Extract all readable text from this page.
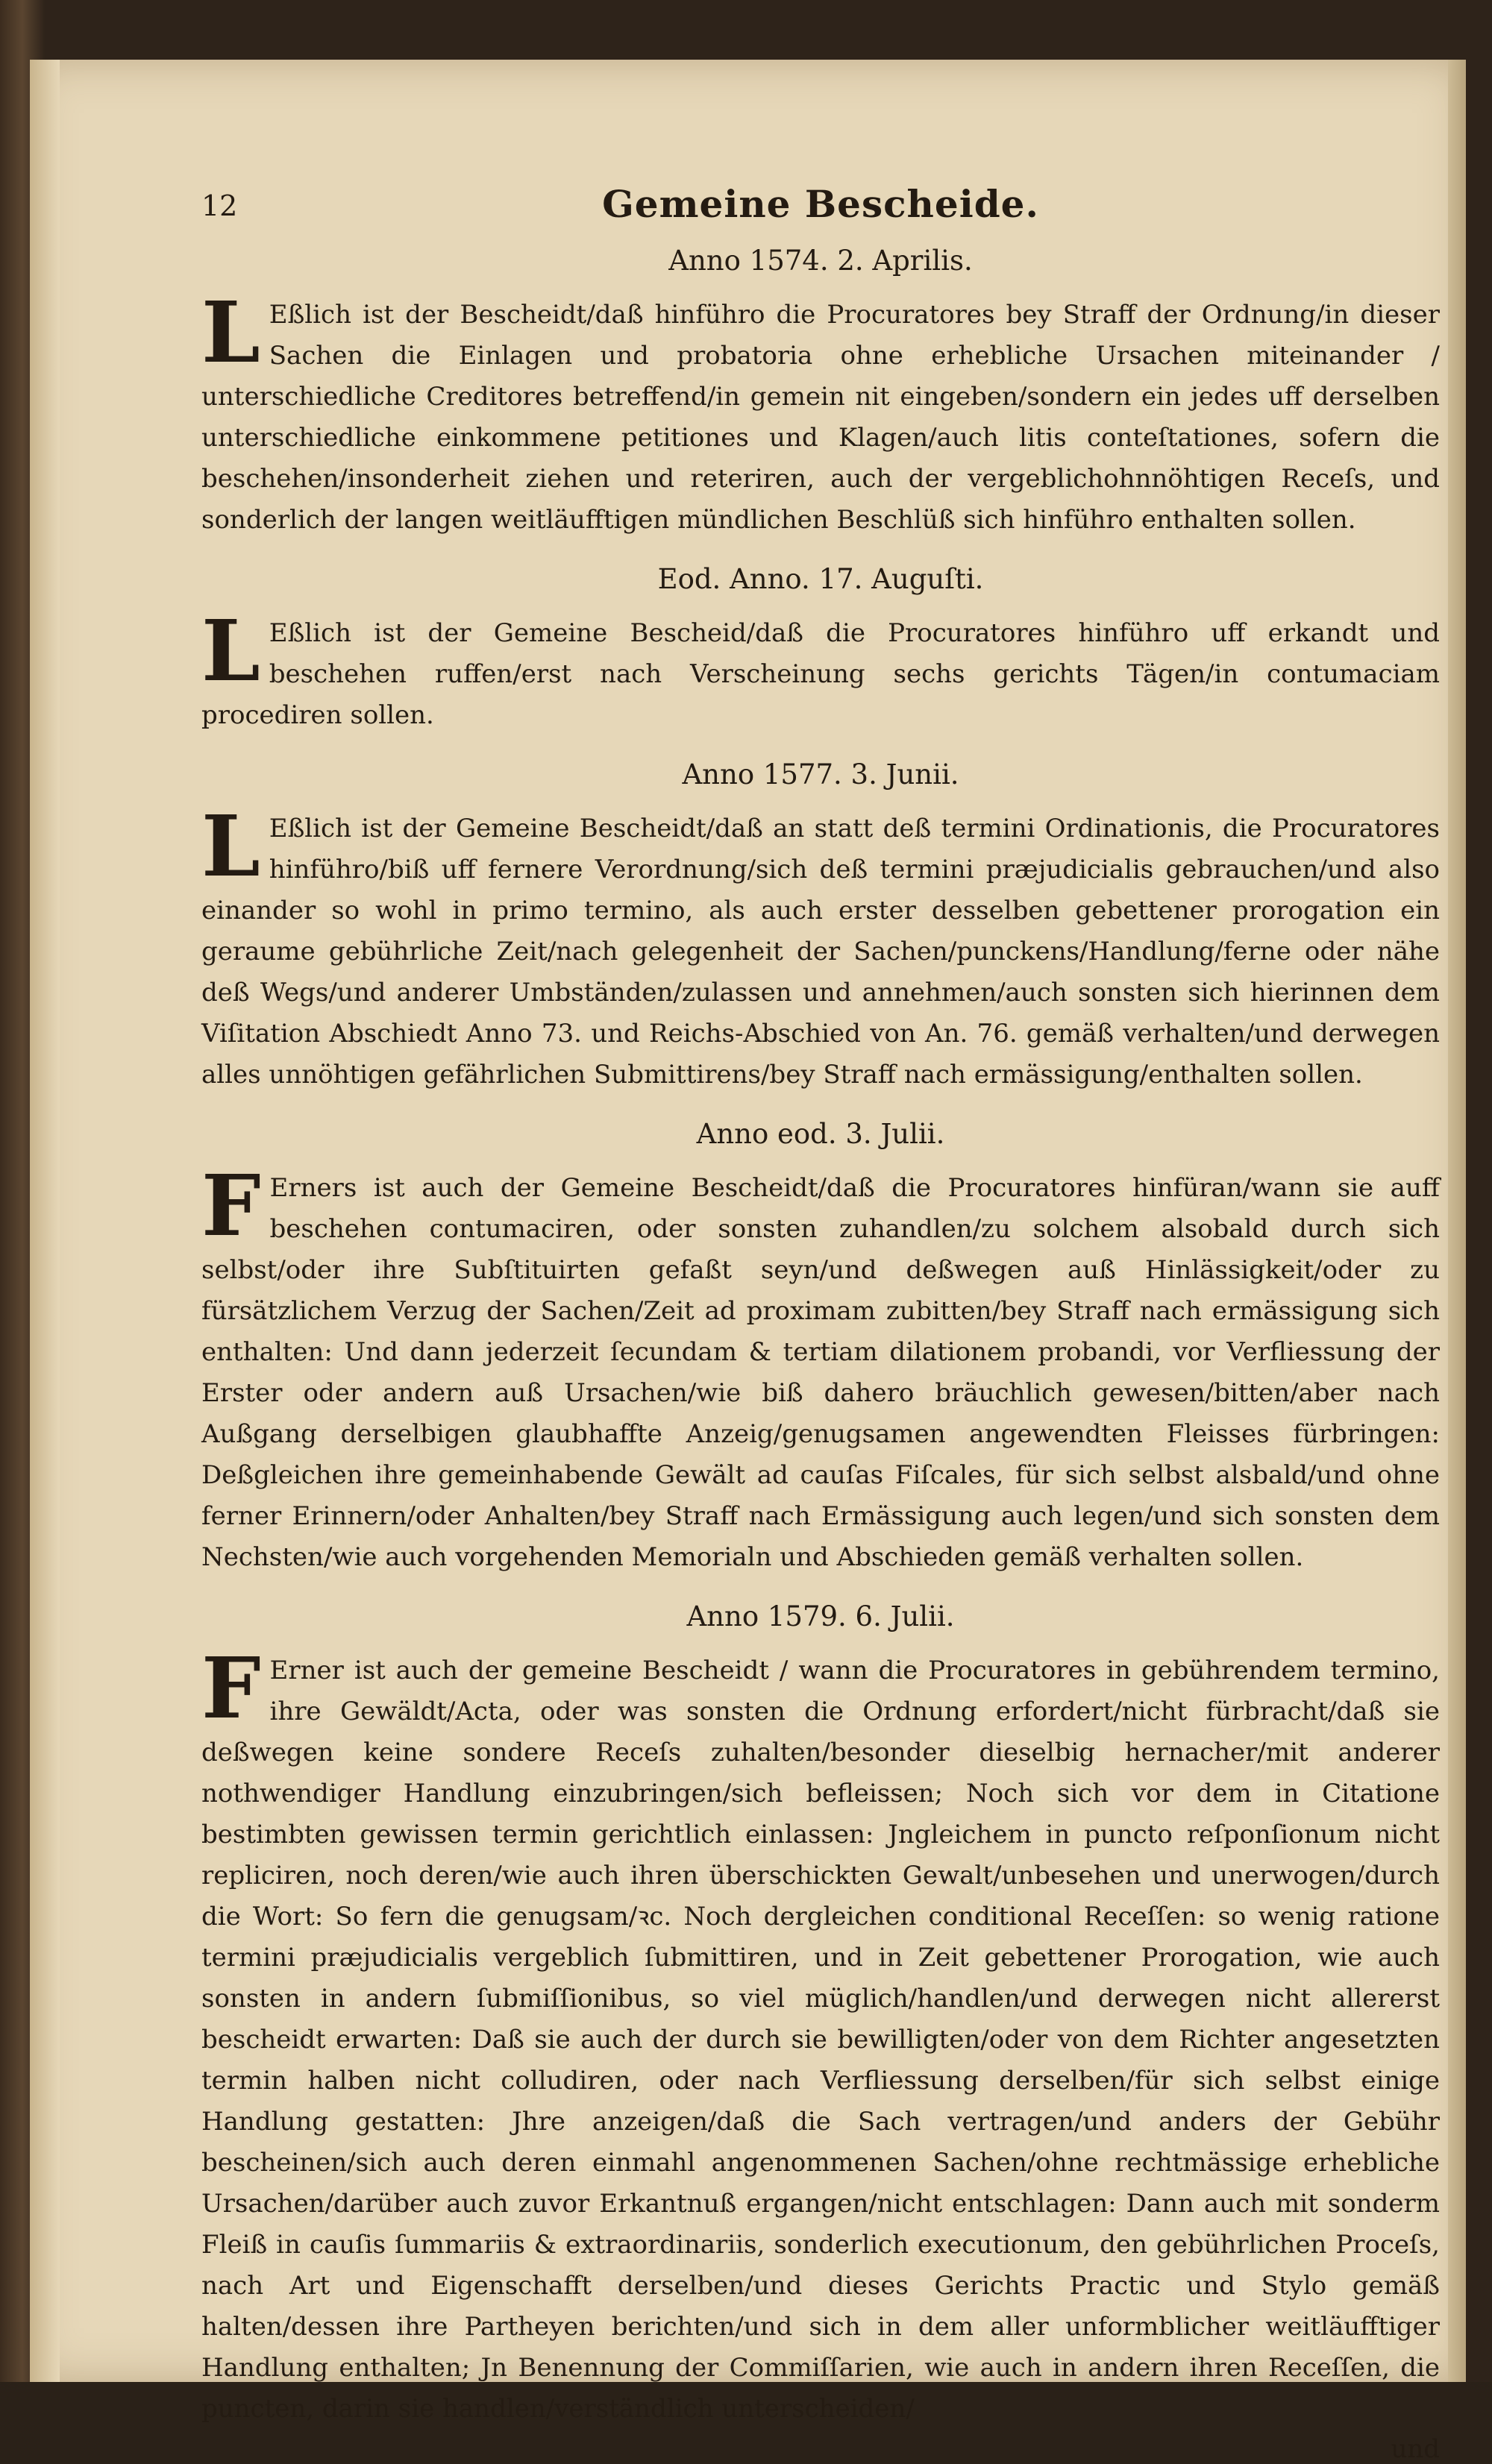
12	Gemeine Bescheide.
Anno 1574. 2. Aprilis.

L Eßlich ist der Bescheidt/daß hinführo die Procuratores bey Straff der Ordnung/in dieser Sachen die Einlagen und probatoria ohne erhebliche Ursachen miteinander / unterschiedliche Creditores betreffend/in gemein nit eingeben/sondern ein jedes uff derselben unterschiedliche einkommene petitiones und Klagen/auch litis conteſtationes, sofern die beschehen/insonderheit ziehen und reteriren, auch der vergeblichohnnöhtigen Receſs, und sonderlich der langen weitläufftigen mündlichen Beschlüß sich hinführo enthalten sollen.

Eod. Anno. 17. Auguſti.

L Eßlich ist der Gemeine Bescheid/daß die Procuratores hinführo uff erkandt und beschehen ruffen/erst nach Verscheinung sechs gerichts Tägen/in contumaciam procediren sollen.

Anno 1577. 3. Junii.

L Eßlich ist der Gemeine Bescheidt/daß an statt deß termini Ordinationis, die Procuratores hinführo/biß uff fernere Verordnung/sich deß termini præjudicialis gebrauchen/und also einander so wohl in primo termino, als auch erster desselben gebettener prorogation ein geraume gebührliche Zeit/nach gelegenheit der Sachen/punckens/Handlung/ferne oder nähe deß Wegs/und anderer Umbständen/zulassen und annehmen/auch sonsten sich hierinnen dem Viſitation Abschiedt Anno 73. und Reichs-Abschied von An. 76. gemäß verhalten/und derwegen alles unnöhtigen gefährlichen Submittirens/bey Straff nach ermässigung/enthalten sollen.

Anno eod. 3. Julii.

F Erners ist auch der Gemeine Bescheidt/daß die Procuratores hinfüran/wann sie auff beschehen contumaciren, oder sonsten zuhandlen/zu solchem alsobald durch sich selbst/oder ihre Subſtituirten gefaßt seyn/und deßwegen auß Hinlässigkeit/oder zu fürsätzlichem Verzug der Sachen/Zeit ad proximam zubitten/bey Straff nach ermässigung sich enthalten: Und dann jederzeit ſecundam & tertiam dilationem probandi, vor Verfliessung der Erster oder andern auß Ursachen/wie biß dahero bräuchlich gewesen/bitten/aber nach Außgang derselbigen glaubhaffte Anzeig/genugsamen angewendten Fleisses fürbringen: Deßgleichen ihre gemeinhabende Gewält ad cauſas Fiſcales, für sich selbst alsbald/und ohne ferner Erinnern/oder Anhalten/bey Straff nach Ermässigung auch legen/und sich sonsten dem Nechsten/wie auch vorgehenden Memorialn und Abschieden gemäß verhalten sollen.

Anno 1579. 6. Julii.

F Erner ist auch der gemeine Bescheidt / wann die Procuratores in gebührendem termino, ihre Gewäldt/Acta, oder was sonsten die Ordnung erfordert/nicht fürbracht/daß sie deßwegen keine sondere Receſs zuhalten/besonder dieselbig hernacher/mit anderer nothwendiger Handlung einzubringen/sich befleissen; Noch sich vor dem in Citatione bestimbten gewissen termin gerichtlich einlassen: Jngleichem in puncto reſponſionum nicht repliciren, noch deren/wie auch ihren überschickten Gewalt/unbesehen und unerwogen/durch die Wort: So fern die genugsam/ꝛc. Noch dergleichen conditional Receſſen: so wenig ratione termini præjudicialis vergeblich ſubmittiren, und in Zeit gebettener Prorogation, wie auch sonsten in andern ſubmiſſionibus, so viel müglich/handlen/und derwegen nicht allererst bescheidt erwarten: Daß sie auch der durch sie bewilligten/oder von dem Richter angesetzten termin halben nicht colludiren, oder nach Verfliessung derselben/für sich selbst einige Handlung gestatten: Jhre anzeigen/daß die Sach vertragen/und anders der Gebühr bescheinen/sich auch deren einmahl angenommenen Sachen/ohne rechtmässige erhebliche Ursachen/darüber auch zuvor Erkantnuß ergangen/nicht entschlagen: Dann auch mit sonderm Fleiß in cauſis ſummariis & extraordinariis, sonderlich executionum, den gebührlichen Proceſs, nach Art und Eigenschafft derselben/und dieses Gerichts Practic und Stylo gemäß halten/dessen ihre Partheyen berichten/und sich in dem aller unformblicher weitläufftiger Handlung enthalten; Jn Benennung der Commiſſarien, wie auch in andern ihren Receſſen, die puncten, darin sie handlen/verständlich unterscheiden/

und
